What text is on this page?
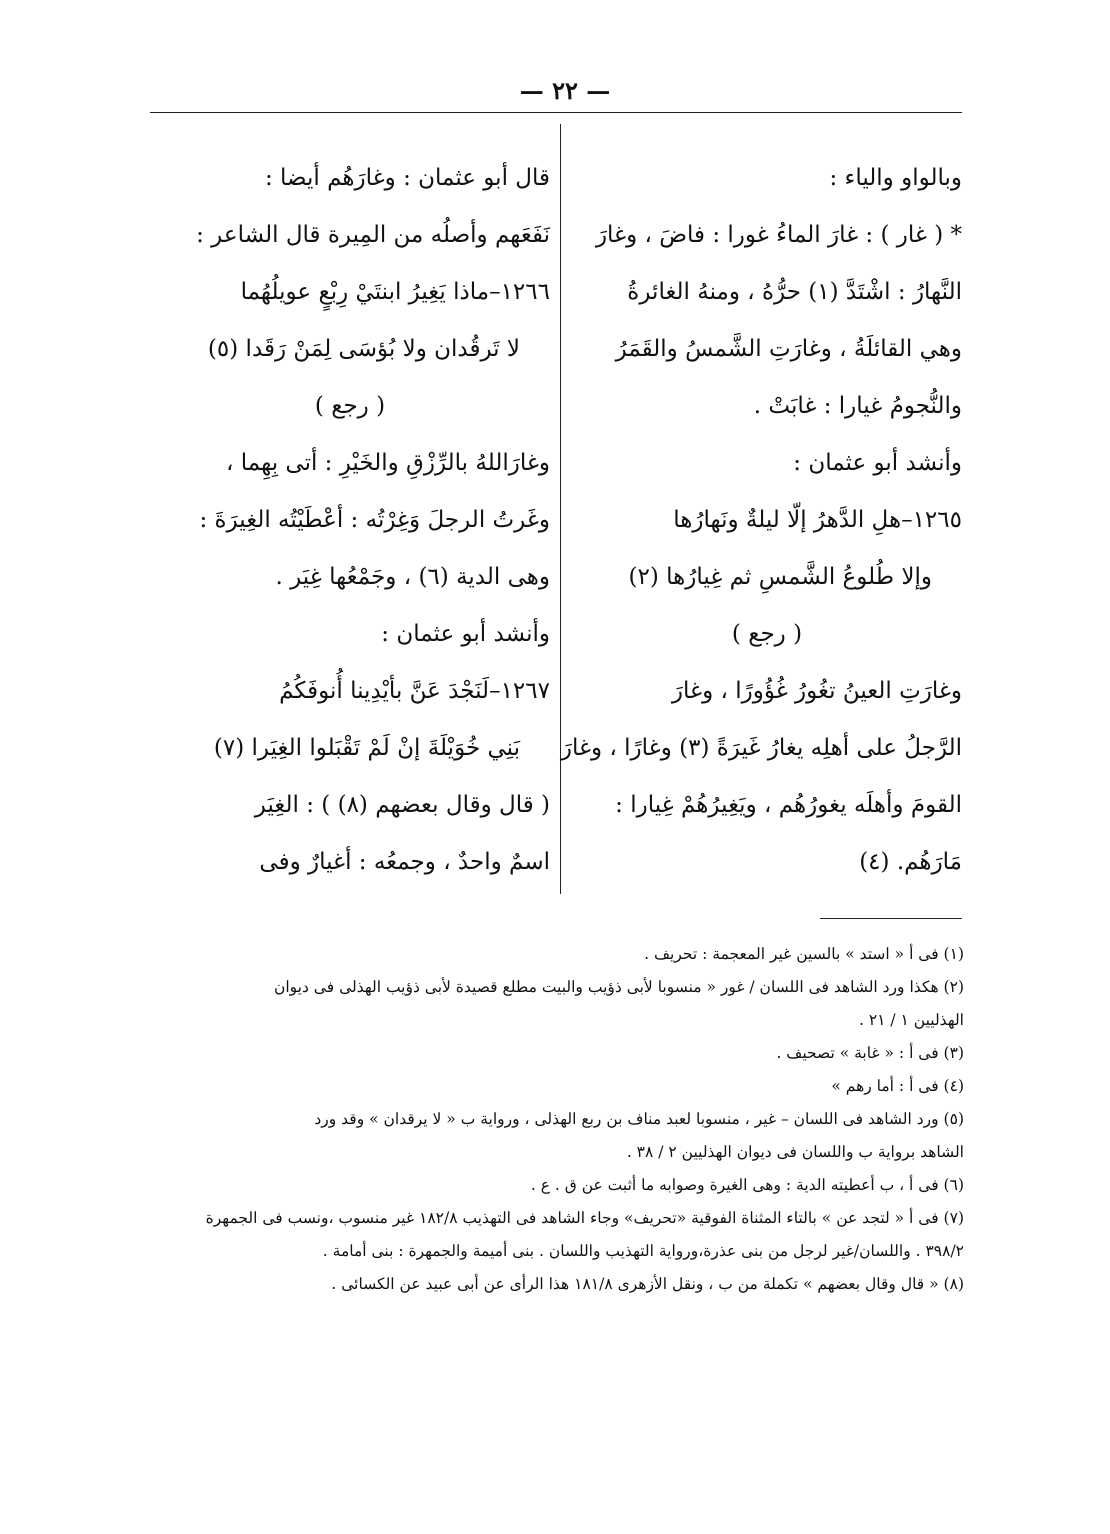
— ٢٢ —

وبالواو والياء :

* ( غار ) : غارَ الماءُ غورا : فاضَ ، وغارَ

النَّهارُ : اشْتَدَّ (١) حرُّهُ ، ومنهُ الغائرةُ

وهي القائلَةُ ، وغارَتِ الشَّمسُ والقَمَرُ

والنُّجومُ غيارا : غابَتْ .

وأنشد أبو عثمان :

١٢٦٥–هلِ الدَّهرُ إلّا ليلةٌ ونَهارُها

وإلا طُلوعُ الشَّمسِ ثم غِيارُها (٢)

( رجع )

وغارَتِ العينُ تغُورُ غُؤُورًا ، وغارَ

الرَّجلُ على أهلِه يغارُ غَيرَةً (٣) وغارًا ، وغارَ

القومَ وأهلَه يغورُهُم ، ويَغِيرُهُمْ غِيارا :

مَارَهُم. (٤)

قال أبو عثمان : وغارَهُم أيضا :

نَفَعَهم وأصلُه من المِيرة قال الشاعر :

١٢٦٦–ماذا يَغِيرُ ابنتَيْ رِبْعٍ عويلُهُما

لا تَرقُدان ولا بُؤسَى لِمَنْ رَقَدا (٥)

( رجع )

وغارَاللهُ بالرِّزْقِ والخَيْرِ : أتى بِهِما ،

وغَرتُ الرجلَ وَغِرْتُه : أعْطَيْتُه الغِيرَةَ :

وهى الدية (٦) ، وجَمْعُها غِيَر .

وأنشد أبو عثمان :

١٢٦٧–لَنَجْدَ عَنَّ بأيْدِينا أُنوفَكُمُ

بَنِي خُوَيْلَةَ إنْ لَمْ تَقْبَلوا الغِيَرا (٧)

( قال وقال بعضهم (٨) ) : الغِيَر

اسمٌ واحدٌ ، وجمعُه : أغيارٌ وفى

(١) فى أ « استد » بالسين غير المعجمة : تحريف .

(٢) هكذا ورد الشاهد فى اللسان / غور « منسوبا لأبى ذؤيب والبيت مطلع قصيدة لأبى ذؤيب الهذلى فى ديوان

الهذليين ١ / ٢١ .

(٣) فى أ : « غابة » تصحيف .

(٤) فى أ : أما رهم »

(٥) ورد الشاهد فى اللسان – غير ، منسوبا لعبد مناف بن ربع الهذلى ، ورواية ب « لا يرقدان » وقد ورد

الشاهد برواية ب واللسان فى ديوان الهذليين ٢ / ٣٨ .

(٦) فى أ ، ب أعطيته الدية : وهى الغيرة وصوابه ما أثبت عن ق . ع .

(٧) فى أ « لتجد عن » بالتاء المثناة الفوقية «تحريف» وجاء الشاهد فى التهذيب ١٨٢/٨ غير منسوب ،ونسب فى الجمهرة

٣٩٨/٢ . واللسان/غير لرجل من بنى عذرة،ورواية التهذيب واللسان . بنى أميمة والجمهرة : بنى أمامة .

(٨) « قال وقال بعضهم » تكملة من ب ، ونقل الأزهرى ١٨١/٨ هذا الرأى عن أبى عبيد عن الكسائى .
